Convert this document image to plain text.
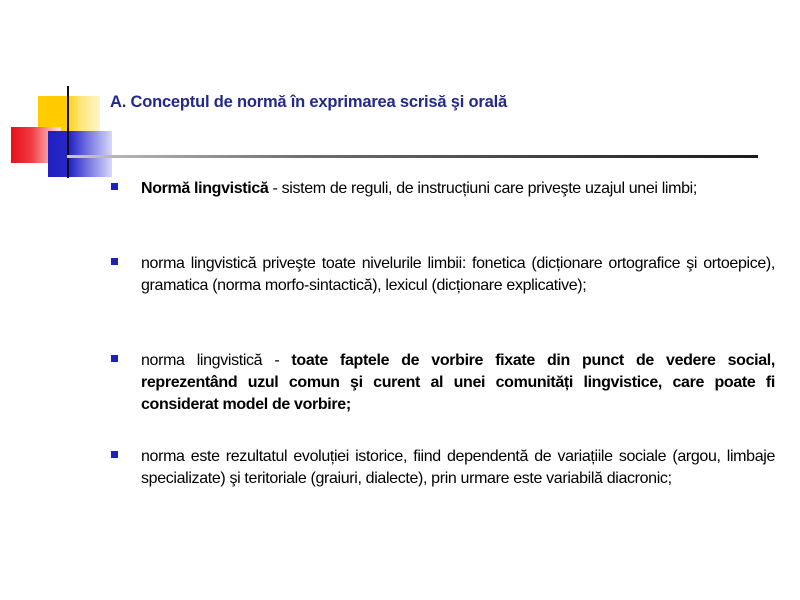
A. Conceptul de normă în exprimarea scrisă şi orală

Normă lingvistică - sistem de reguli, de instrucțiuni care priveşte uzajul unei limbi;

norma lingvistică priveşte toate nivelurile limbii: fonetica (dicționare ortografice şi ortoepice), gramatica (norma morfo-sintactică), lexicul (dicționare explicative);

norma lingvistică - toate faptele de vorbire fixate din punct de vedere social, reprezentând uzul comun şi curent al unei comunități lingvistice, care poate fi considerat model de vorbire;

norma este rezultatul evoluției istorice, fiind dependentă de variațiile sociale (argou, limbaje specializate) şi teritoriale (graiuri, dialecte), prin urmare este variabilă diacronic;
